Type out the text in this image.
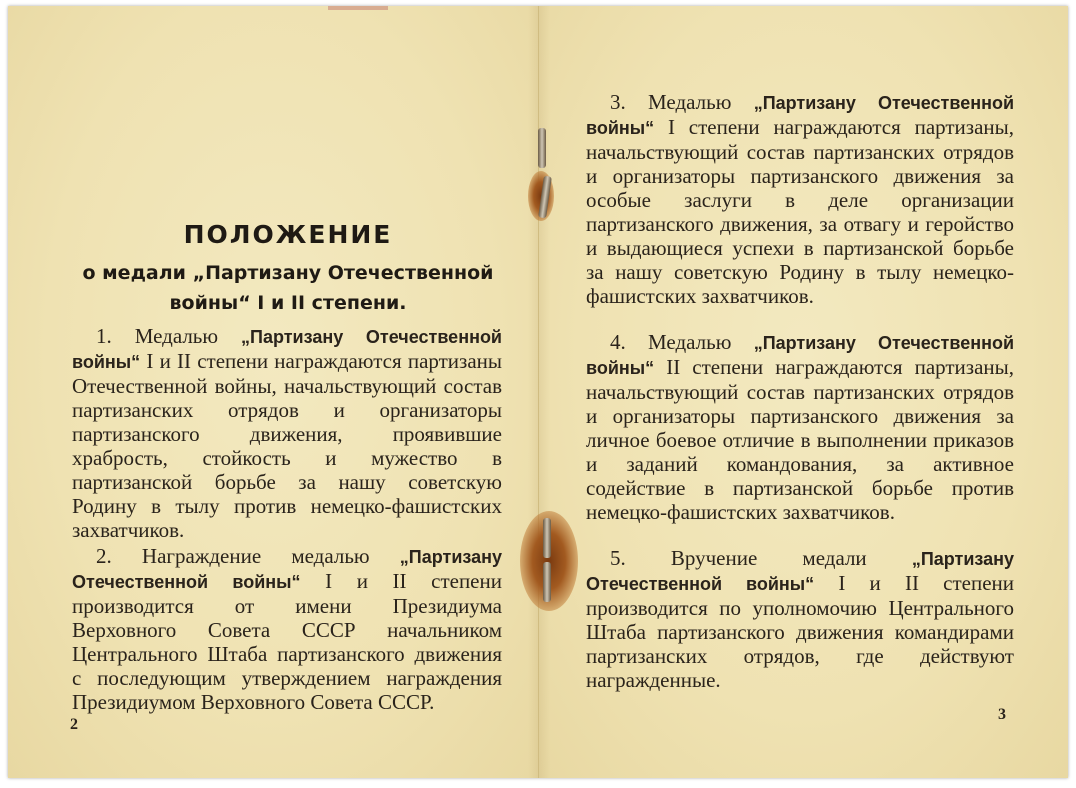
ПОЛОЖЕНИЕ
о медали „Партизану Отечественной войны“ I и II степени.
1. Медалью „Партизану Отечественной войны“ I и II степени награждаются партизаны Отечественной войны, начальствующий состав партизанских отрядов и организаторы партизанского движения, проявившие храбрость, стойкость и мужество в партизанской борьбе за нашу советскую Родину в тылу против немецко-фашистских захватчиков.
2. Награждение медалью „Партизану Отечественной войны“ I и II степени производится от имени Президиума Верховного Совета СССР начальником Центрального Штаба партизанского движения с последующим утверждением награждения Президиумом Верховного Совета СССР.
2
3. Медалью „Партизану Отечественной войны“ I степени награждаются партизаны, начальствующий состав партизанских отрядов и организаторы партизанского движения за особые заслуги в деле организации партизанского движения, за отвагу и геройство и выдающиеся успехи в партизанской борьбе за нашу советскую Родину в тылу немецко-фашистских захватчиков.
4. Медалью „Партизану Отечественной войны“ II степени награждаются партизаны, начальствующий состав партизанских отрядов и организаторы партизанского движения за личное боевое отличие в выполнении приказов и заданий командования, за активное содействие в партизанской борьбе против немецко-фашистских захватчиков.
5. Вручение медали	„Партизану Отечественной войны“ I и II степени производится по уполномочию Центрального Штаба партизанского движения командирами партизанских отрядов, где действуют награжденные.
3
